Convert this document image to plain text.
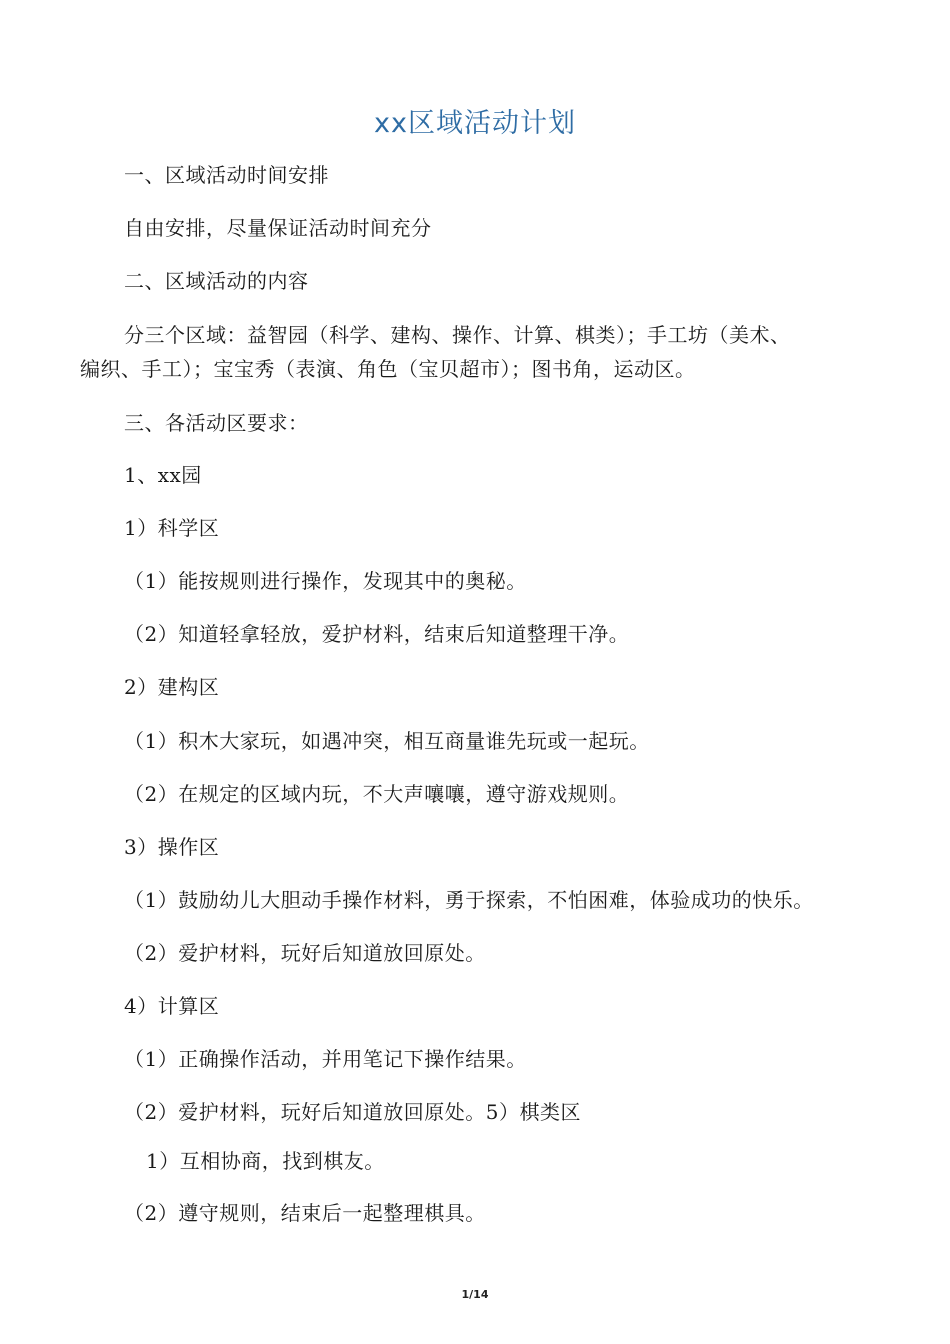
xx区域活动计划
一、区域活动时间安排
自由安排，尽量保证活动时间充分
二、区域活动的内容
分三个区域：益智园（科学、建构、操作、计算、棋类）；手工坊（美术、
编织、手工）；宝宝秀（表演、角色（宝贝超市）；图书角，运动区。
三、各活动区要求：
1、xx园
1）科学区
（1）能按规则进行操作，发现其中的奥秘。
（2）知道轻拿轻放，爱护材料，结束后知道整理干净。
2）建构区
（1）积木大家玩，如遇冲突，相互商量谁先玩或一起玩。
（2）在规定的区域内玩，不大声嚷嚷，遵守游戏规则。
3）操作区
（1）鼓励幼儿大胆动手操作材料，勇于探索，不怕困难，体验成功的快乐。
（2）爱护材料，玩好后知道放回原处。
4）计算区
（1）正确操作活动，并用笔记下操作结果。
（2）爱护材料，玩好后知道放回原处。5）棋类区
1）互相协商，找到棋友。
（2）遵守规则，结束后一起整理棋具。
1/14
